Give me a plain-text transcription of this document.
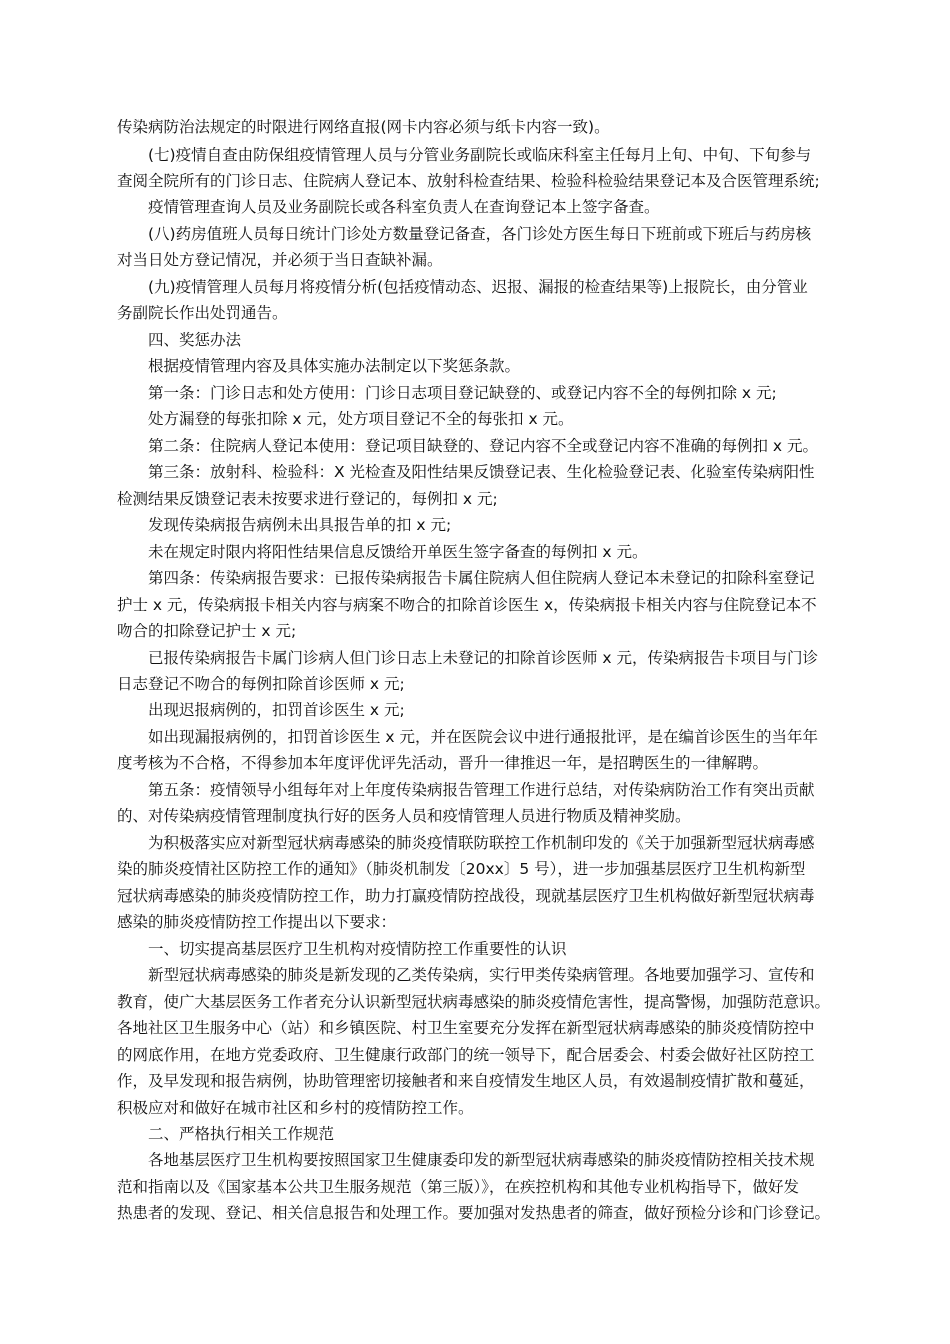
传染病防治法规定的时限进行网络直报(网卡内容必须与纸卡内容一致)。
(七)疫情自查由防保组疫情管理人员与分管业务副院长或临床科室主任每月上旬、中旬、下旬参与
查阅全院所有的门诊日志、住院病人登记本、放射科检查结果、检验科检验结果登记本及合医管理系统;
疫情管理查询人员及业务副院长或各科室负责人在查询登记本上签字备查。
(八)药房值班人员每日统计门诊处方数量登记备查，各门诊处方医生每日下班前或下班后与药房核
对当日处方登记情况，并必须于当日查缺补漏。
(九)疫情管理人员每月将疫情分析(包括疫情动态、迟报、漏报的检查结果等)上报院长，由分管业
务副院长作出处罚通告。
四、奖惩办法
根据疫情管理内容及具体实施办法制定以下奖惩条款。
第一条：门诊日志和处方使用：门诊日志项目登记缺登的、或登记内容不全的每例扣除 x 元;
处方漏登的每张扣除 x 元，处方项目登记不全的每张扣 x 元。
第二条：住院病人登记本使用：登记项目缺登的、登记内容不全或登记内容不准确的每例扣 x 元。
第三条：放射科、检验科：X 光检查及阳性结果反馈登记表、生化检验登记表、化验室传染病阳性
检测结果反馈登记表未按要求进行登记的，每例扣 x 元;
发现传染病报告病例未出具报告单的扣 x 元;
未在规定时限内将阳性结果信息反馈给开单医生签字备查的每例扣 x 元。
第四条：传染病报告要求：已报传染病报告卡属住院病人但住院病人登记本未登记的扣除科室登记
护士 x 元，传染病报卡相关内容与病案不吻合的扣除首诊医生 x，传染病报卡相关内容与住院登记本不
吻合的扣除登记护士 x 元;
已报传染病报告卡属门诊病人但门诊日志上未登记的扣除首诊医师 x 元，传染病报告卡项目与门诊
日志登记不吻合的每例扣除首诊医师 x 元;
出现迟报病例的，扣罚首诊医生 x 元;
如出现漏报病例的，扣罚首诊医生 x 元，并在医院会议中进行通报批评，是在编首诊医生的当年年
度考核为不合格，不得参加本年度评优评先活动，晋升一律推迟一年，是招聘医生的一律解聘。
第五条：疫情领导小组每年对上年度传染病报告管理工作进行总结，对传染病防治工作有突出贡献
的、对传染病疫情管理制度执行好的医务人员和疫情管理人员进行物质及精神奖励。
为积极落实应对新型冠状病毒感染的肺炎疫情联防联控工作机制印发的《关于加强新型冠状病毒感
染的肺炎疫情社区防控工作的通知》（肺炎机制发〔20xx〕5 号），进一步加强基层医疗卫生机构新型
冠状病毒感染的肺炎疫情防控工作，助力打赢疫情防控战役，现就基层医疗卫生机构做好新型冠状病毒
感染的肺炎疫情防控工作提出以下要求：
一、切实提高基层医疗卫生机构对疫情防控工作重要性的认识
新型冠状病毒感染的肺炎是新发现的乙类传染病，实行甲类传染病管理。各地要加强学习、宣传和
教育，使广大基层医务工作者充分认识新型冠状病毒感染的肺炎疫情危害性，提高警惕，加强防范意识。
各地社区卫生服务中心（站）和乡镇医院、村卫生室要充分发挥在新型冠状病毒感染的肺炎疫情防控中
的网底作用，在地方党委政府、卫生健康行政部门的统一领导下，配合居委会、村委会做好社区防控工
作，及早发现和报告病例，协助管理密切接触者和来自疫情发生地区人员，有效遏制疫情扩散和蔓延，
积极应对和做好在城市社区和乡村的疫情防控工作。
二、严格执行相关工作规范
各地基层医疗卫生机构要按照国家卫生健康委印发的新型冠状病毒感染的肺炎疫情防控相关技术规
范和指南以及《国家基本公共卫生服务规范（第三版）》，在疾控机构和其他专业机构指导下，做好发
热患者的发现、登记、相关信息报告和处理工作。要加强对发热患者的筛查，做好预检分诊和门诊登记。
